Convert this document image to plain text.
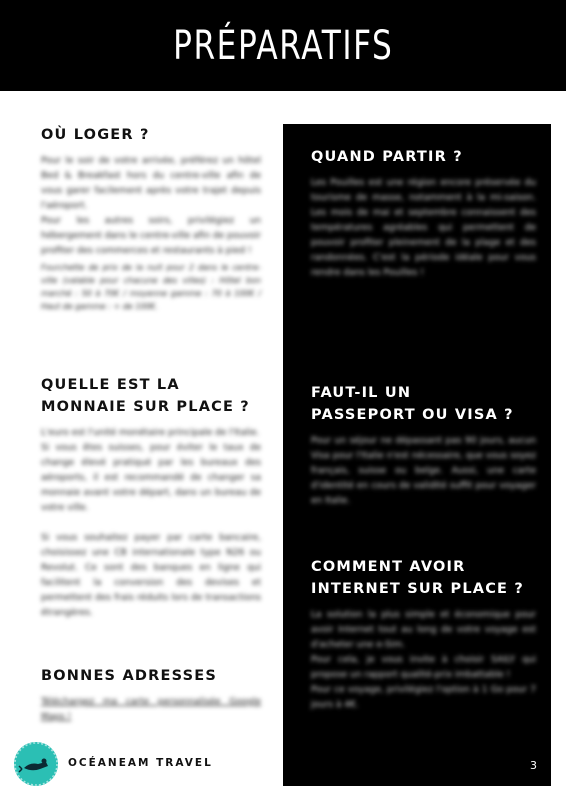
PRÉPARATIFS
OÙ LOGER ?
Pour le soir de votre arrivée, préférez un hôtel Bed & Breakfast hors du centre-ville afin de vous garer facilement après votre trajet depuis l'aéroport.
Pour les autres soirs, privilégiez un hébergement dans le centre-ville afin de pouvoir profiter des commerces et restaurants à pied !
Fourchette de prix de la nuit pour 2 dans le centre-ville (valable pour chacune des villes) : Hôtel bon marché : 50 à 70€ / moyenne gamme : 70 à 100€ / Haut de gamme : + de 100€.
QUELLE EST LA MONNAIE SUR PLACE ?
L'euro est l'unité monétaire principale de l'Italie.
Si vous êtes suisses, pour éviter le taux de change élevé pratiqué par les bureaux des aéroports, il est recommandé de changer sa monnaie avant votre départ, dans un bureau de votre ville.

Si vous souhaitez payer par carte bancaire, choisissez une CB internationale type N26 ou Revolut. Ce sont des banques en ligne qui facilitent la conversion des devises et permettent des frais réduits lors de transactions étrangères.
BONNES ADRESSES
Téléchargez ma carte personnalisée Google Maps !
QUAND PARTIR ?
Les Pouilles est une région encore préservée du tourisme de masse, notamment à la mi-saison. Les mois de mai et septembre connaissent des températures agréables qui permettent de pouvoir profiter pleinement de la plage et des randonnées. C'est la période idéale pour vous rendre dans les Pouilles !
FAUT-IL UN
PASSEPORT OU VISA ?
Pour un séjour ne dépassant pas 90 jours, aucun Visa pour l'Italie n'est nécessaire, que vous soyez français, suisse ou belge. Aussi, une carte d'identité en cours de validité suffit pour voyager en Italie.
COMMENT AVOIR
INTERNET SUR PLACE ?
La solution la plus simple et économique pour avoir Internet tout au long de votre voyage est d'acheter une e-Sim.
Pour cela, je vous invite à choisir SAILY qui propose un rapport qualité-prix imbattable !
Pour ce voyage, privilégiez l'option à 1 Go pour 7 jours à 4€.
3
OCÉANEAM TRAVEL
